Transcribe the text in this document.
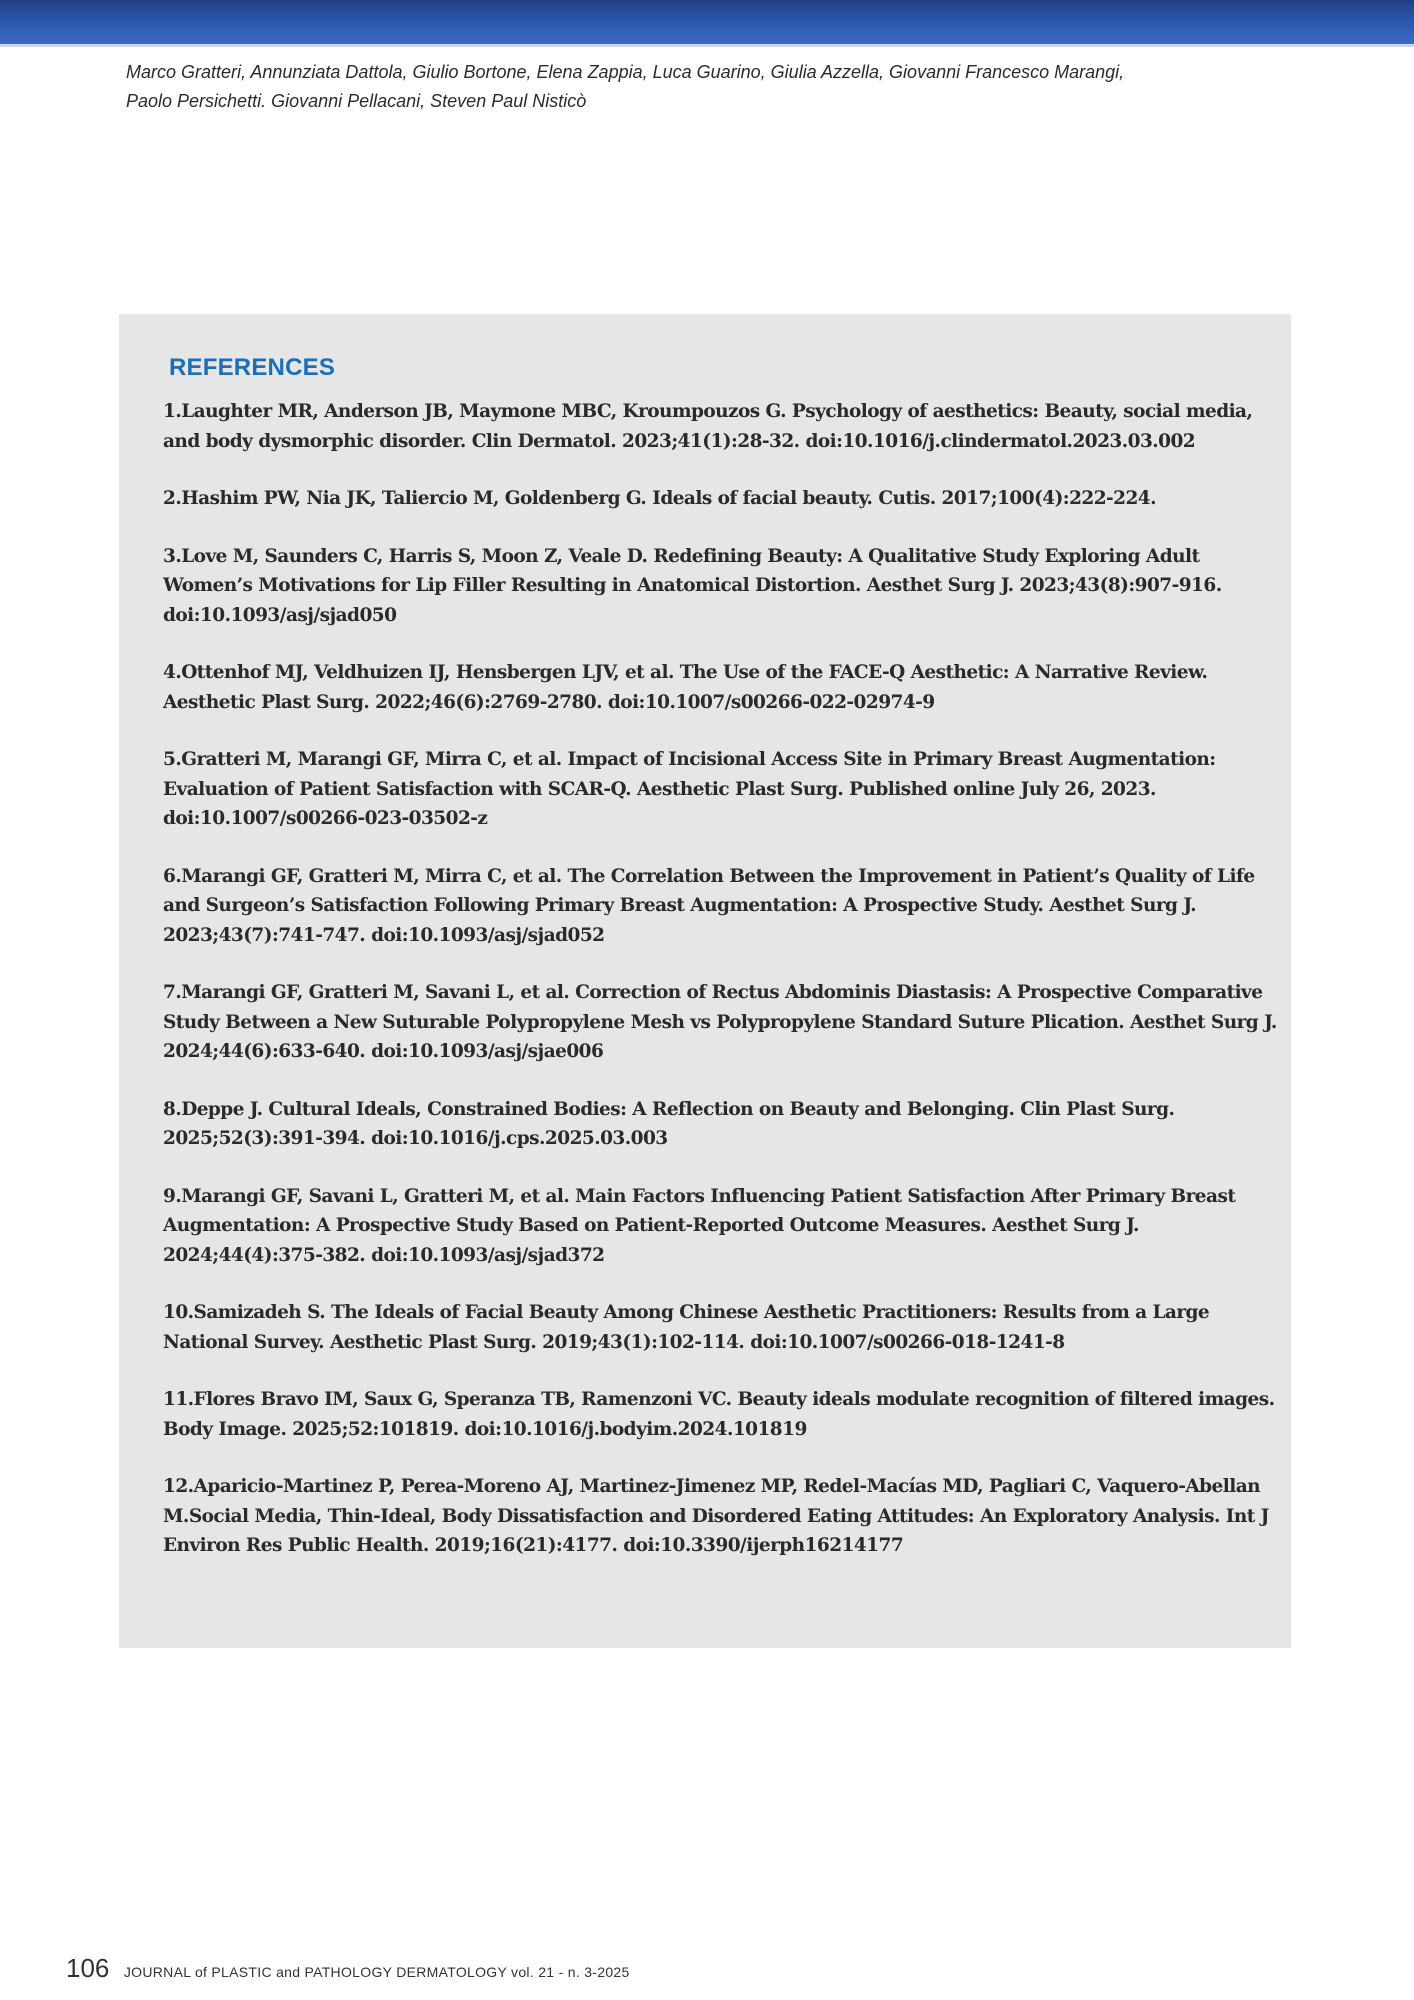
Marco Gratteri, Annunziata Dattola, Giulio Bortone, Elena Zappia, Luca Guarino, Giulia Azzella, Giovanni Francesco Marangi,
Paolo Persichetti. Giovanni Pellacani, Steven Paul Nisticò
REFERENCES
1.Laughter MR, Anderson JB, Maymone MBC, Kroumpouzos G. Psychology of aesthetics: Beauty, social media, and body dysmorphic disorder. Clin Dermatol. 2023;41(1):28-32. doi:10.1016/j.clindermatol.2023.03.002
2.Hashim PW, Nia JK, Taliercio M, Goldenberg G. Ideals of facial beauty. Cutis. 2017;100(4):222-224.
3.Love M, Saunders C, Harris S, Moon Z, Veale D. Redefining Beauty: A Qualitative Study Exploring Adult Women’s Motivations for Lip Filler Resulting in Anatomical Distortion. Aesthet Surg J. 2023;43(8):907-916. doi:10.1093/asj/sjad050
4.Ottenhof MJ, Veldhuizen IJ, Hensbergen LJV, et al. The Use of the FACE-Q Aesthetic: A Narrative Review. Aesthetic Plast Surg. 2022;46(6):2769-2780. doi:10.1007/s00266-022-02974-9
5.Gratteri M, Marangi GF, Mirra C, et al. Impact of Incisional Access Site in Primary Breast Augmentation: Evaluation of Patient Satisfaction with SCAR-Q. Aesthetic Plast Surg. Published online July 26, 2023. doi:10.1007/s00266-023-03502-z
6.Marangi GF, Gratteri M, Mirra C, et al. The Correlation Between the Improvement in Patient’s Quality of Life and Surgeon’s Satisfaction Following Primary Breast Augmentation: A Prospective Study. Aesthet Surg J. 2023;43(7):741-747. doi:10.1093/asj/sjad052
7.Marangi GF, Gratteri M, Savani L, et al. Correction of Rectus Abdominis Diastasis: A Prospective Comparative Study Between a New Suturable Polypropylene Mesh vs Polypropylene Standard Suture Plication. Aesthet Surg J. 2024;44(6):633-640. doi:10.1093/asj/sjae006
8.Deppe J. Cultural Ideals, Constrained Bodies: A Reflection on Beauty and Belonging. Clin Plast Surg. 2025;52(3):391-394. doi:10.1016/j.cps.2025.03.003
9.Marangi GF, Savani L, Gratteri M, et al. Main Factors Influencing Patient Satisfaction After Primary Breast Augmentation: A Prospective Study Based on Patient-Reported Outcome Measures. Aesthet Surg J. 2024;44(4):375-382. doi:10.1093/asj/sjad372
10.Samizadeh S. The Ideals of Facial Beauty Among Chinese Aesthetic Practitioners: Results from a Large National Survey. Aesthetic Plast Surg. 2019;43(1):102-114. doi:10.1007/s00266-018-1241-8
11.Flores Bravo IM, Saux G, Speranza TB, Ramenzoni VC. Beauty ideals modulate recognition of filtered images. Body Image. 2025;52:101819. doi:10.1016/j.bodyim.2024.101819
12.Aparicio-Martinez P, Perea-Moreno AJ, Martinez-Jimenez MP, Redel-Macías MD, Pagliari C, Vaquero-Abellan M.Social Media, Thin-Ideal, Body Dissatisfaction and Disordered Eating Attitudes: An Exploratory Analysis. Int J Environ Res Public Health. 2019;16(21):4177. doi:10.3390/ijerph16214177
106 JOURNAL of PLASTIC and PATHOLOGY DERMATOLOGY vol. 21 - n. 3-2025
